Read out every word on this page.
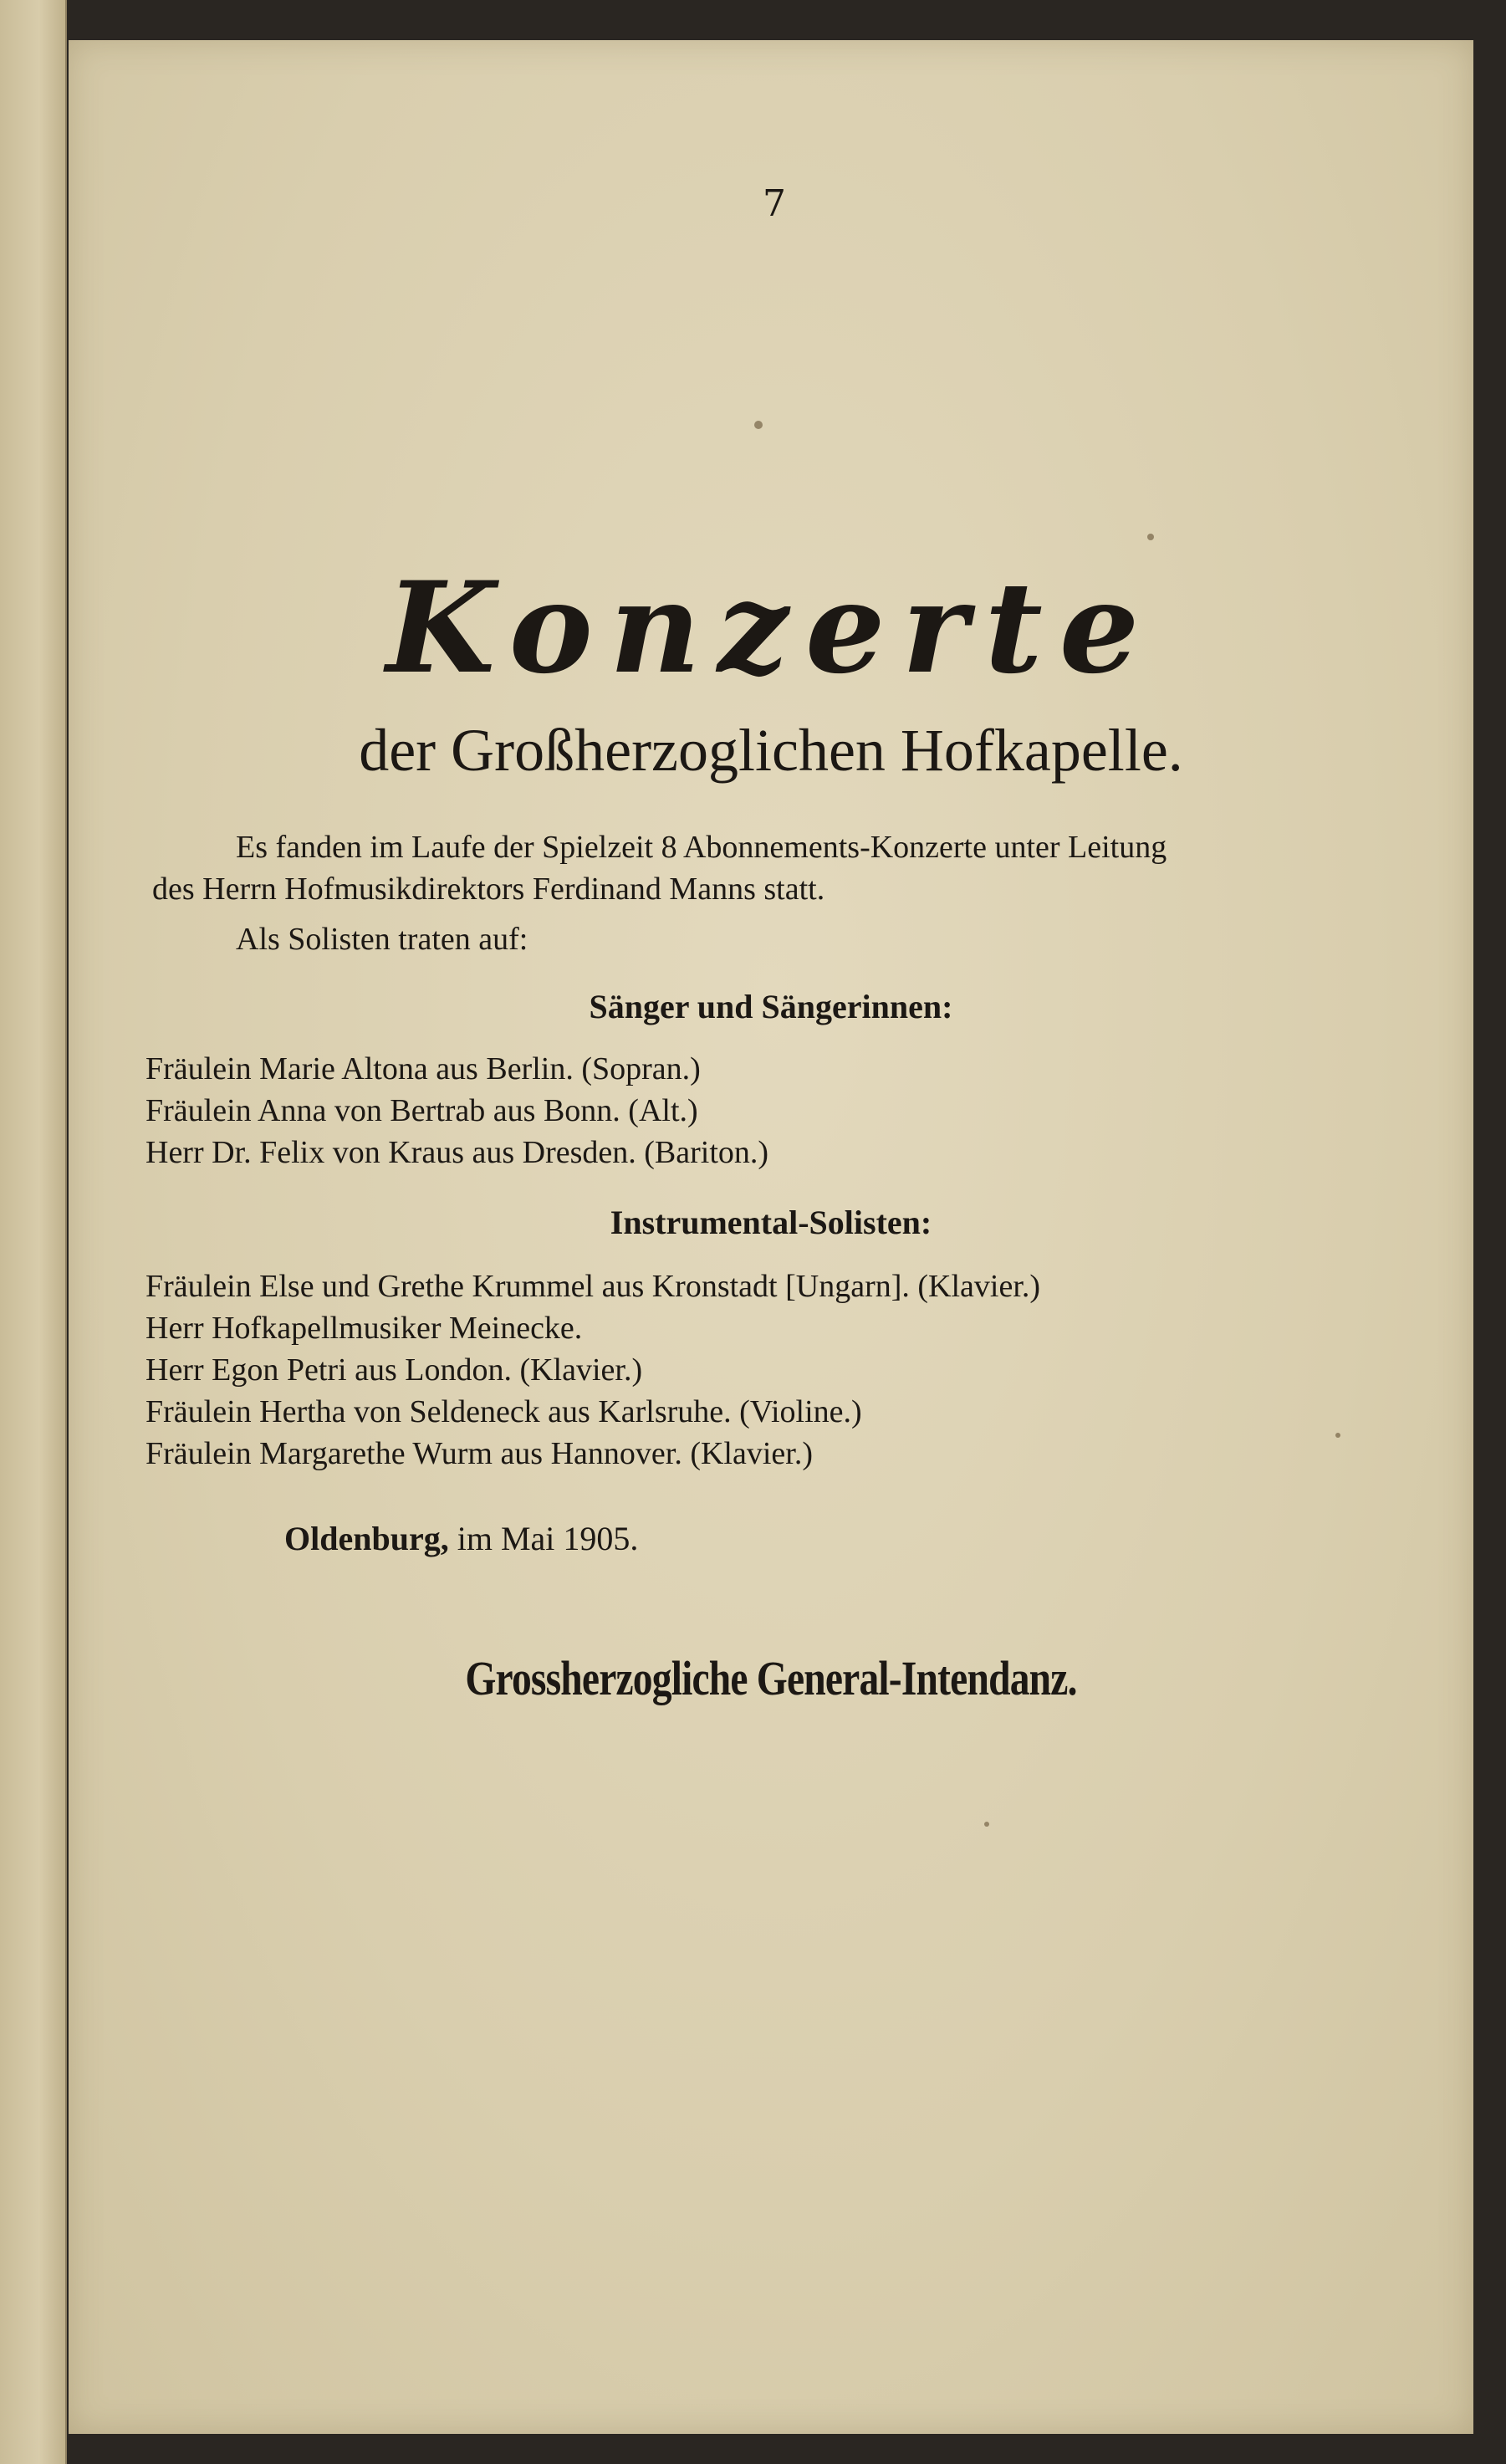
7
Konzerte
der Großherzoglichen Hofkapelle.
Es fanden im Laufe der Spielzeit 8 Abonnements-Konzerte unter Leitung
des Herrn Hofmusikdirektors Ferdinand Manns statt.
Als Solisten traten auf:
Sänger und Sängerinnen:
Fräulein Marie Altona aus Berlin. (Sopran.)
Fräulein Anna von Bertrab aus Bonn. (Alt.)
Herr Dr. Felix von Kraus aus Dresden. (Bariton.)
Instrumental-Solisten:
Fräulein Else und Grethe Krummel aus Kronstadt [Ungarn]. (Klavier.)
Herr Hofkapellmusiker Meinecke.
Herr Egon Petri aus London. (Klavier.)
Fräulein Hertha von Seldeneck aus Karlsruhe. (Violine.)
Fräulein Margarethe Wurm aus Hannover. (Klavier.)
Oldenburg, im Mai 1905.
Grossherzogliche General-Intendanz.
